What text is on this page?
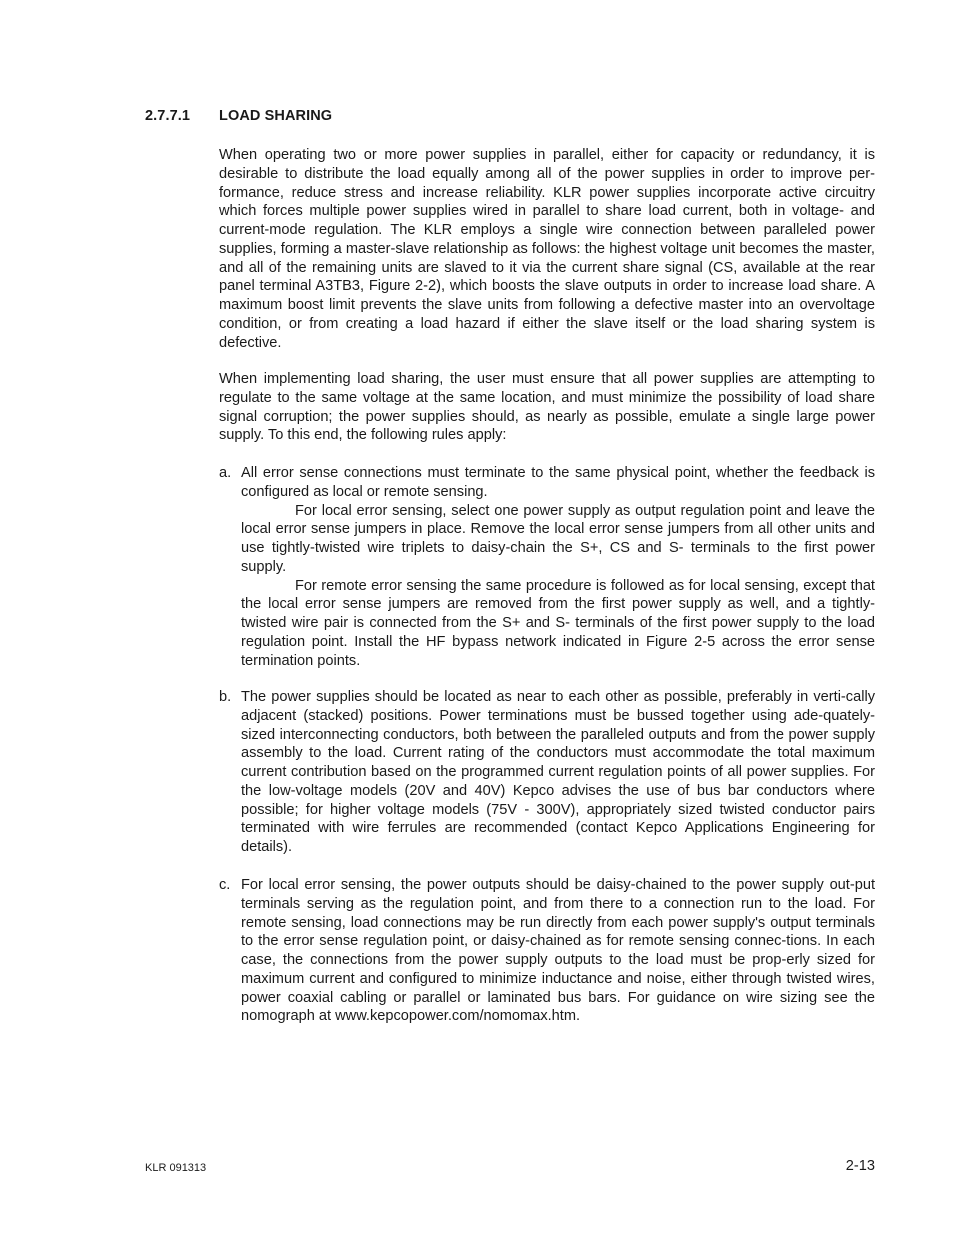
2.7.7.1 LOAD SHARING
When operating two or more power supplies in parallel, either for capacity or redundancy, it is desirable to distribute the load equally among all of the power supplies in order to improve per-formance, reduce stress and increase reliability. KLR power supplies incorporate active circuitry which forces multiple power supplies wired in parallel to share load current, both in voltage- and current-mode regulation. The KLR employs a single wire connection between paralleled power supplies, forming a master-slave relationship as follows: the highest voltage unit becomes the master, and all of the remaining units are slaved to it via the current share signal (CS, available at the rear panel terminal A3TB3, Figure 2-2), which boosts the slave outputs in order to increase load share. A maximum boost limit prevents the slave units from following a defective master into an overvoltage condition, or from creating a load hazard if either the slave itself or the load sharing system is defective.
When implementing load sharing, the user must ensure that all power supplies are attempting to regulate to the same voltage at the same location, and must minimize the possibility of load share signal corruption; the power supplies should, as nearly as possible, emulate a single large power supply. To this end, the following rules apply:
a. All error sense connections must terminate to the same physical point, whether the feedback is configured as local or remote sensing.

For local error sensing, select one power supply as output regulation point and leave the local error sense jumpers in place. Remove the local error sense jumpers from all other units and use tightly-twisted wire triplets to daisy-chain the S+, CS and S- terminals to the first power supply.

For remote error sensing the same procedure is followed as for local sensing, except that the local error sense jumpers are removed from the first power supply as well, and a tightly-twisted wire pair is connected from the S+ and S- terminals of the first power supply to the load regulation point. Install the HF bypass network indicated in Figure 2-5 across the error sense termination points.

b. The power supplies should be located as near to each other as possible, preferably in verti-cally adjacent (stacked) positions. Power terminations must be bussed together using ade-quately-sized interconnecting conductors, both between the paralleled outputs and from the power supply assembly to the load. Current rating of the conductors must accommodate the total maximum current contribution based on the programmed current regulation points of all power supplies. For the low-voltage models (20V and 40V) Kepco advises the use of bus bar conductors where possible; for higher voltage models (75V - 300V), appropriately sized twisted conductor pairs terminated with wire ferrules are recommended (contact Kepco Applications Engineering for details).

c. For local error sensing, the power outputs should be daisy-chained to the power supply out-put terminals serving as the regulation point, and from there to a connection run to the load. For remote sensing, load connections may be run directly from each power supply's output terminals to the error sense regulation point, or daisy-chained as for remote sensing connec-tions. In each case, the connections from the power supply outputs to the load must be prop-erly sized for maximum current and configured to minimize inductance and noise, either through twisted wires, power coaxial cabling or parallel or laminated bus bars. For guidance on wire sizing see the nomograph at www.kepcopower.com/nomomax.htm.

KLR 091313	2-13
